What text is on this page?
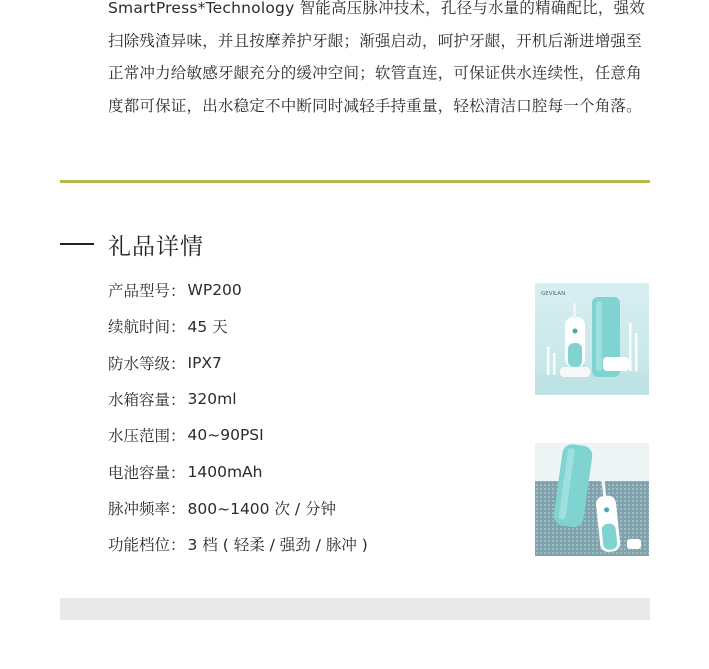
SmartPress*Technology 智能高压脉冲技术，孔径与水量的精确配比，强效扫除残渣异味，并且按摩养护牙龈；渐强启动，呵护牙龈，开机后渐进增强至正常冲力给敏感牙龈充分的缓冲空间；软管直连，可保证供水连续性，任意角度都可保证，出水稳定不中断同时减轻手持重量，轻松清洁口腔每一个角落。

礼品详情
产品型号： WP200
续航时间： 45 天
防水等级： IPX7
水箱容量： 320ml
水压范围： 40~90PSI
电池容量： 1400mAh
脉冲频率： 800~1400 次 / 分钟
功能档位： 3 档 ( 轻柔 / 强劲 / 脉冲 )
GEVILAN
